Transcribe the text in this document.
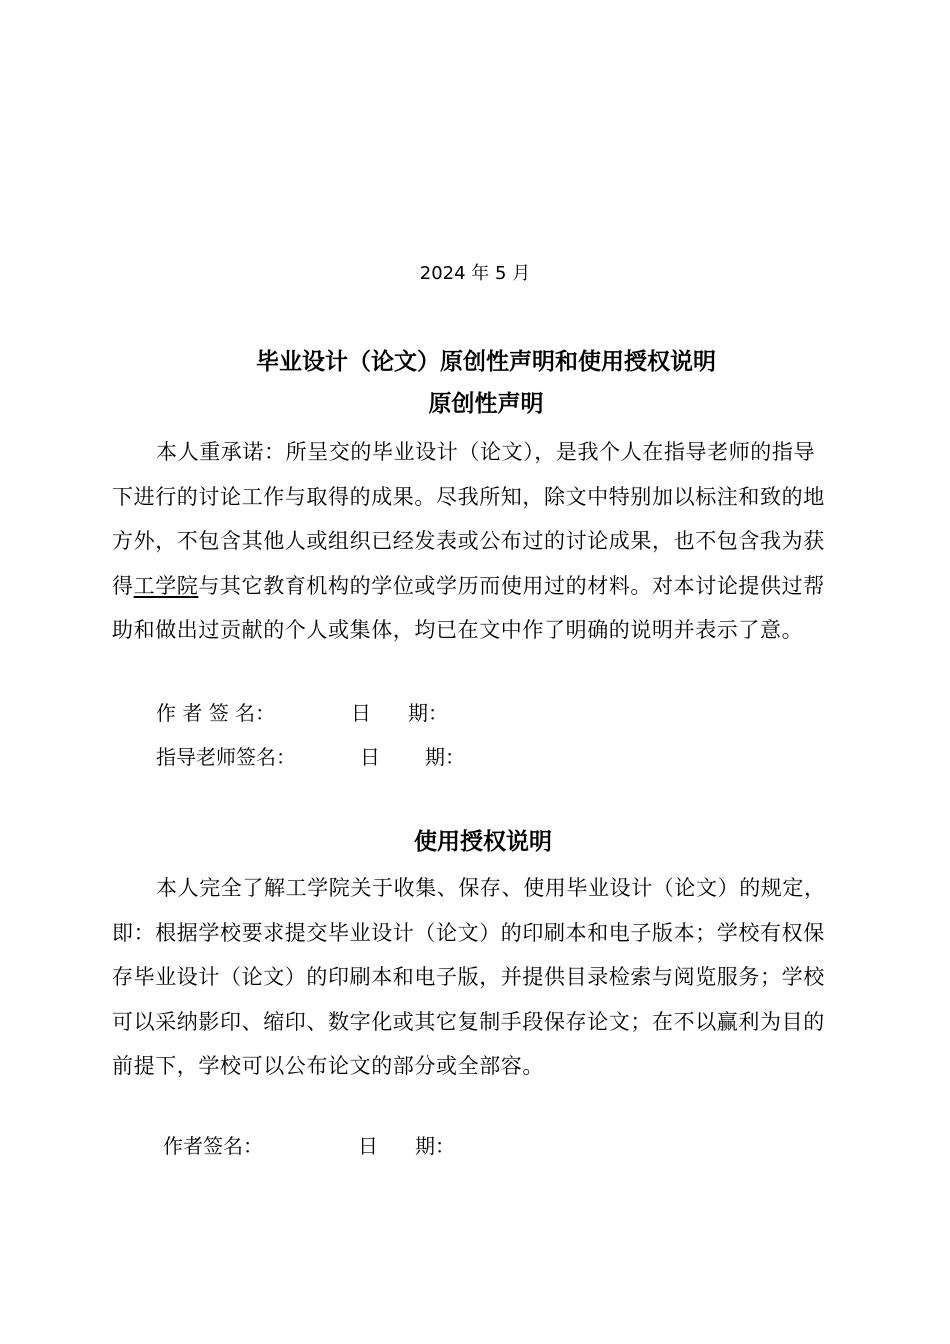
2024 年 5 月
毕业设计（论文）原创性声明和使用授权说明
原创性声明
本人重承诺：所呈交的毕业设计（论文），是我个人在指导老师的指导
下进行的讨论工作与取得的成果。尽我所知，除文中特别加以标注和致的地
方外，不包含其他人或组织已经发表或公布过的讨论成果，也不包含我为获
得工学院与其它教育机构的学位或学历而使用过的材料。对本讨论提供过帮
助和做出过贡献的个人或集体，均已在文中作了明确的说明并表示了意。
作 者 签 名：	日 期：
指导老师签名：	日 期：
使用授权说明
本人完全了解工学院关于收集、保存、使用毕业设计（论文）的规定，
即：根据学校要求提交毕业设计（论文）的印刷本和电子版本；学校有权保
存毕业设计（论文）的印刷本和电子版，并提供目录检索与阅览服务；学校
可以采纳影印、缩印、数字化或其它复制手段保存论文；在不以赢利为目的
前提下，学校可以公布论文的部分或全部容。
作者签名：	日 期：
